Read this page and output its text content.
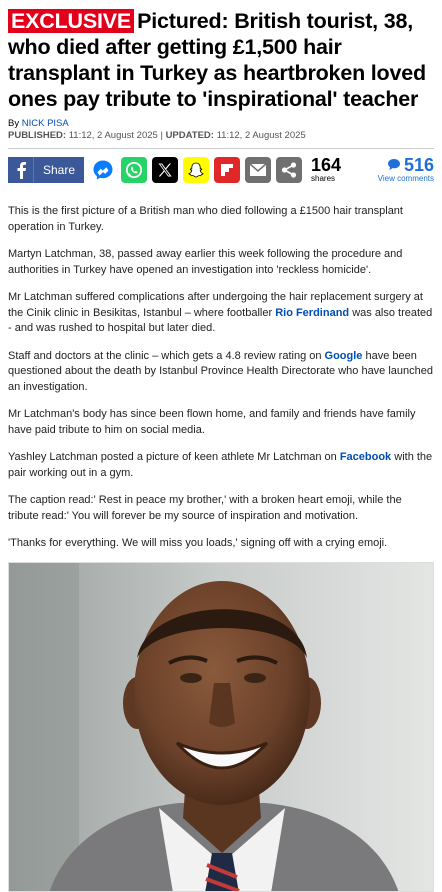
EXCLUSIVE Pictured: British tourist, 38, who died after getting £1,500 hair transplant in Turkey as heartbroken loved ones pay tribute to 'inspirational' teacher
By NICK PISA
PUBLISHED: 11:12, 2 August 2025 | UPDATED: 11:12, 2 August 2025
Share	164
shares
516
View comments

This is the first picture of a British man who died following a £1500 hair transplant operation in Turkey.

Martyn Latchman, 38, passed away earlier this week following the procedure and authorities in Turkey have opened an investigation into 'reckless homicide'.

Mr Latchman suffered complications after undergoing the hair replacement surgery at the Cinik clinic in Besikitas, Istanbul – where footballer Rio Ferdinand was also treated - and was rushed to hospital but later died.

Staff and doctors at the clinic – which gets a 4.8 review rating on Google have been questioned about the death by Istanbul Province Health Directorate who have launched an investigation.

Mr Latchman's body has since been flown home, and family and friends have family have paid tribute to him on social media.

Yashley Latchman posted a picture of keen athlete Mr Latchman on Facebook with the pair working out in a gym.

The caption read:' Rest in peace my brother,' with a broken heart emoji, while the tribute read:' You will forever be my source of inspiration and motivation.

'Thanks for everything. We will miss you loads,' signing off with a crying emoji.
